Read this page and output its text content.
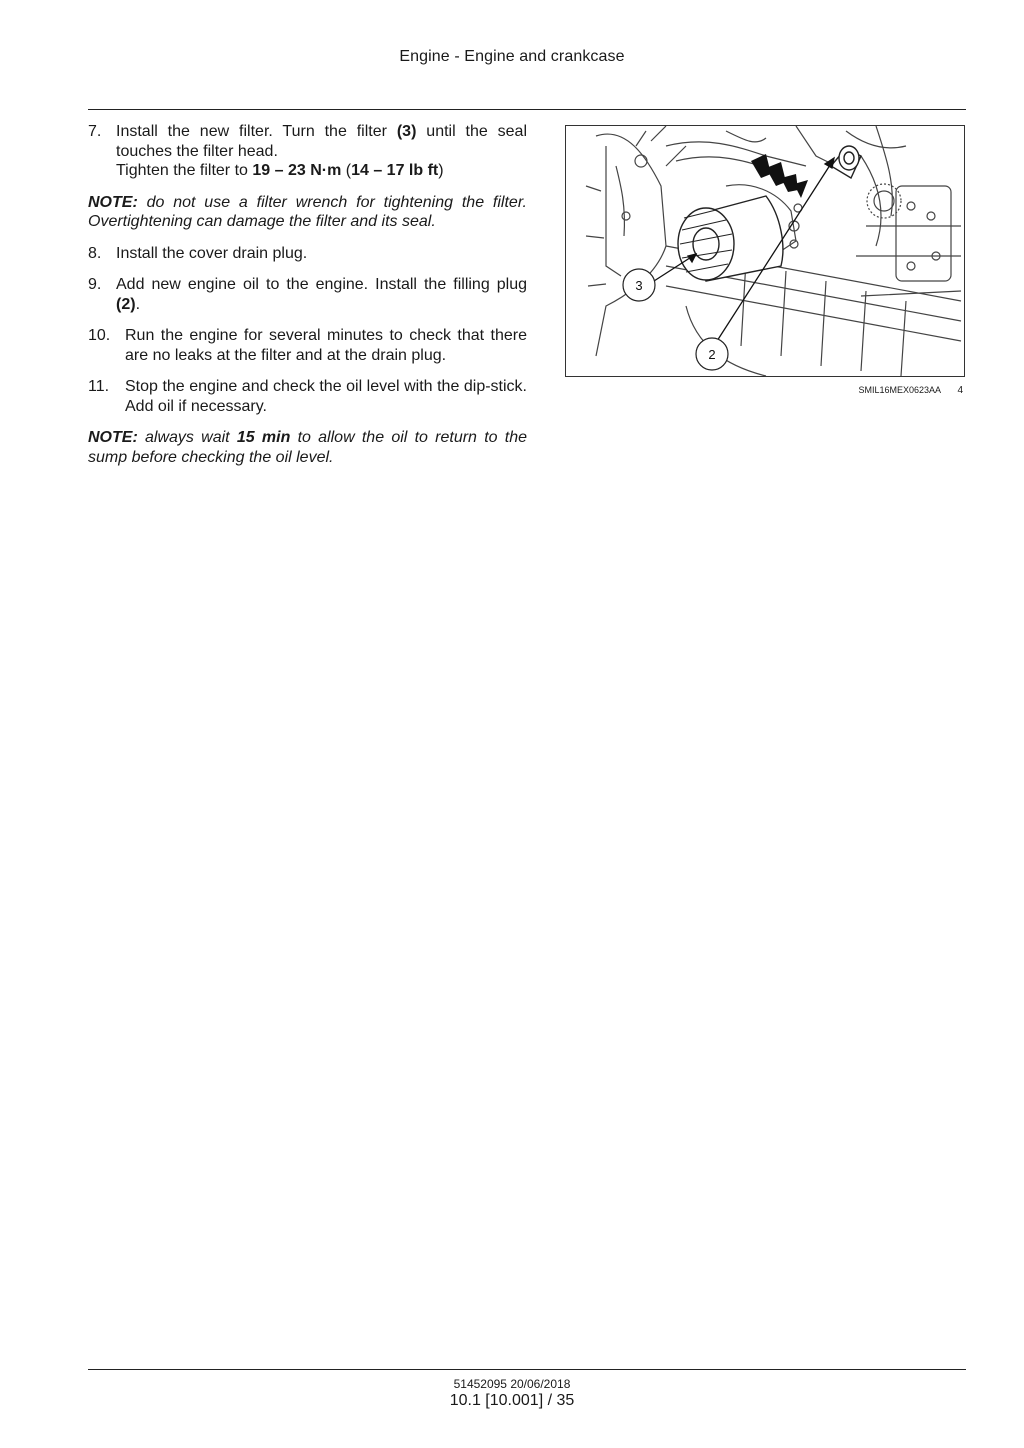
Engine - Engine and crankcase
7. Install the new filter. Turn the filter (3) until the seal touches the filter head.

Tighten the filter to 19 – 23 N·m (14 – 17 lb ft)

NOTE: do not use a filter wrench for tightening the filter. Overtightening can damage the filter and its seal.

8. Install the cover drain plug.

9. Add new engine oil to the engine. Install the filling plug (2).

10. Run the engine for several minutes to check that there are no leaks at the filter and at the drain plug.

11. Stop the engine and check the oil level with the dip-stick. Add oil if necessary.

NOTE: always wait 15 min to allow the oil to return to the sump before checking the oil level.

3
2
SMIL16MEX0623AA 4
51452095 20/06/2018
10.1 [10.001] / 35
